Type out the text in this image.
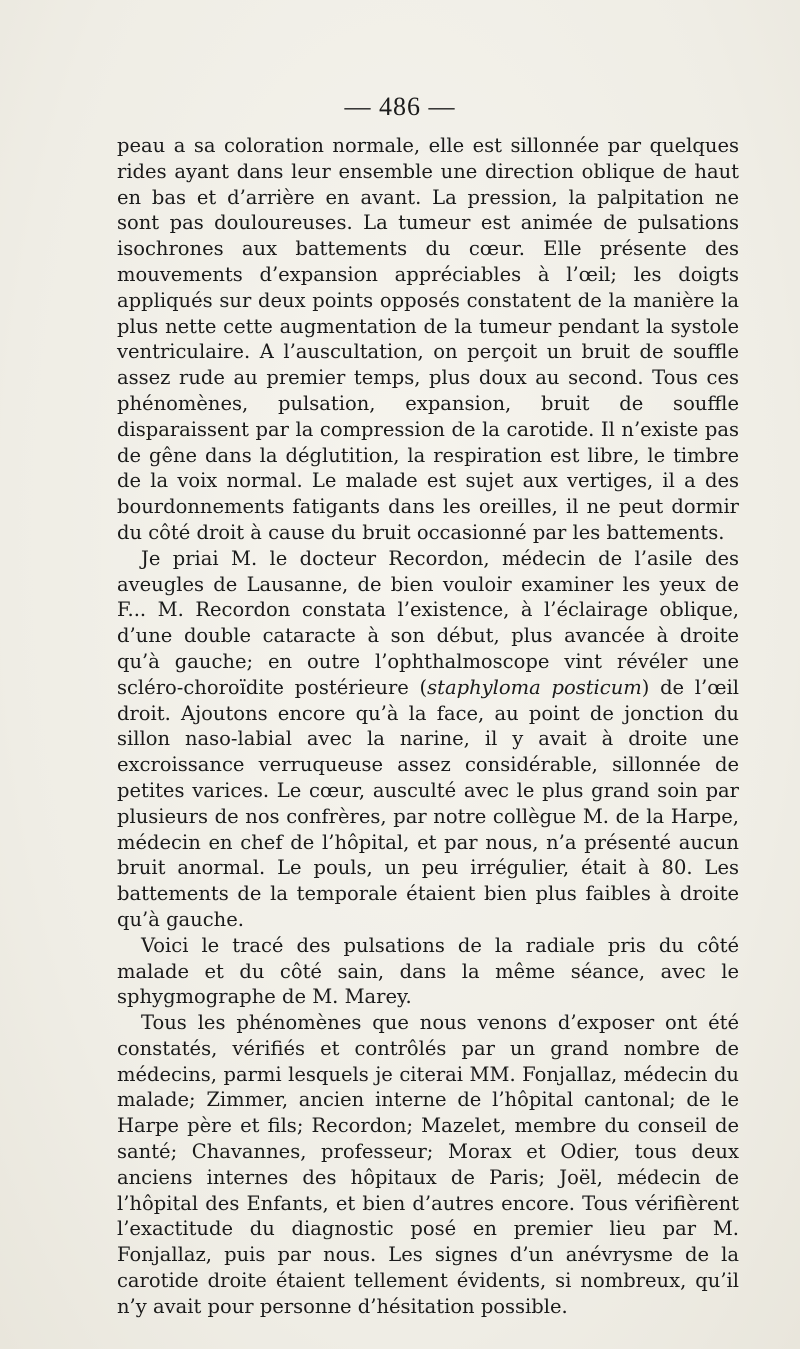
— 486 —

peau a sa coloration normale, elle est sillonnée par quelques rides ayant dans leur ensemble une direction oblique de haut en bas et d’arrière en avant. La pression, la palpitation ne sont pas douloureuses. La tumeur est animée de pulsations isochrones aux battements du cœur. Elle présente des mouvements d’expansion appréciables à l’œil; les doigts appliqués sur deux points opposés constatent de la manière la plus nette cette augmentation de la tumeur pendant la systole ventriculaire. A l’auscultation, on perçoit un bruit de souffle assez rude au premier temps, plus doux au second. Tous ces phénomènes, pulsation, expansion, bruit de souffle disparaissent par la compression de la carotide. Il n’existe pas de gêne dans la déglutition, la respiration est libre, le timbre de la voix normal. Le malade est sujet aux vertiges, il a des bourdonnements fatigants dans les oreilles, il ne peut dormir du côté droit à cause du bruit occasionné par les battements.

Je priai M. le docteur Recordon, médecin de l’asile des aveugles de Lausanne, de bien vouloir examiner les yeux de F... M. Recordon constata l’existence, à l’éclairage oblique, d’une double cataracte à son début, plus avancée à droite qu’à gauche; en outre l’ophthalmoscope vint révéler une scléro-choroïdite postérieure (staphyloma posticum) de l’œil droit. Ajoutons encore qu’à la face, au point de jonction du sillon naso-labial avec la narine, il y avait à droite une excroissance verruqueuse assez considérable, sillonnée de petites varices. Le cœur, ausculté avec le plus grand soin par plusieurs de nos confrères, par notre collègue M. de la Harpe, médecin en chef de l’hôpital, et par nous, n’a présenté aucun bruit anormal. Le pouls, un peu irrégulier, était à 80. Les battements de la temporale étaient bien plus faibles à droite qu’à gauche.

Voici le tracé des pulsations de la radiale pris du côté malade et du côté sain, dans la même séance, avec le sphygmographe de M. Marey.

Tous les phénomènes que nous venons d’exposer ont été constatés, vérifiés et contrôlés par un grand nombre de médecins, parmi lesquels je citerai MM. Fonjallaz, médecin du malade; Zimmer, ancien interne de l’hôpital cantonal; de le Harpe père et fils; Recordon; Mazelet, membre du conseil de santé; Chavannes, professeur; Morax et Odier, tous deux anciens internes des hôpitaux de Paris; Joël, médecin de l’hôpital des Enfants, et bien d’autres encore. Tous vérifièrent l’exactitude du diagnostic posé en premier lieu par M. Fonjallaz, puis par nous. Les signes d’un anévrysme de la carotide droite étaient tellement évidents, si nombreux, qu’il n’y avait pour personne d’hésitation possible.
